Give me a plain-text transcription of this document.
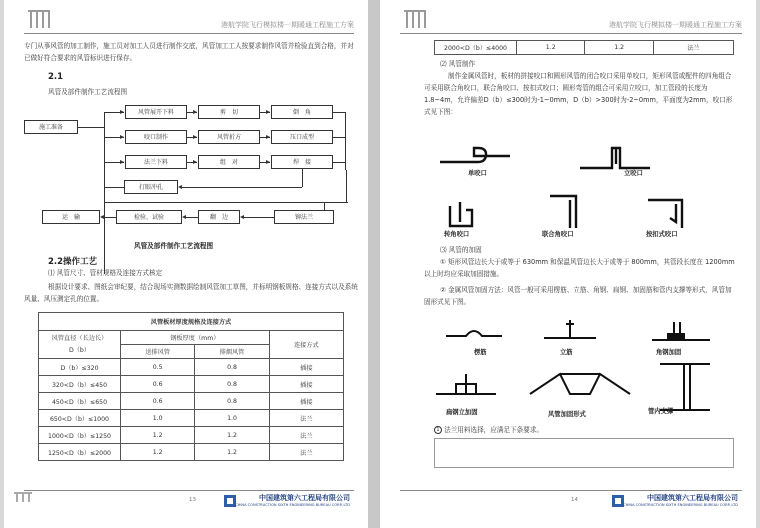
港航学院飞行模拟楼一期暖通工程施工方案
专门从事风管的加工制作，施工员对加工人员进行制作交底，风管加工工人按要求制作风管并检验直到合格，并对已做好符合要求的风管标识进行保存。
2.1
风管及部件制作工艺流程图
施工准备
风管展开下料	剪　切	倒　角
咬口制作	风管折方	压口成型
法兰下料	组　对	焊　接
打眼冲孔
铆法兰
翻　边
检验、试验
运　输
风管及部件制作工艺流程图
2.2操作工艺
⑴ 风管尺寸、管材规格及连接方式核定
根据设计要求、图纸会审纪要，结合现场实测数据绘制风管加工草图，并标明钢板规格、连接方式以及系统风量、风压测定孔的位置。
风管板材厚度规格及连接方式			
风管直径（长边长）
D（b）	钢板厚度（mm）		连接方式
	送排风管	排烟风管	
D（b）≤320	0.5	0.8	插接
320<D（b）≤450	0.6	0.8	插接
450<D（b）≤650	0.6	0.8	插接
650<D（b）≤1000	1.0	1.0	法兰
1000<D（b）≤1250	1.2	1.2	法兰
1250<D（b）≤2000	1.2	1.2	法兰
13	中国建筑第六工程局有限公司
CHINA CONSTRUCTION SIXTH ENGINEERING BUREAU CORP.,LTD
港航学院飞行模拟楼一期暖通工程施工方案
2000<D（b）≤4000	1.2	1.2	法兰
⑵ 风管制作
制作金属风管时，板材的拼接咬口和圆形风管的闭合咬口采用单咬口，矩形风管或配件的四角组合可采用联合角咬口，联合角咬口、按扣式咬口；圆形弯管的组合可采用立咬口，加工管段的长度为1.8~4m，允许偏差D（b）≤300时为-1~0mm，D（b）>300时为-2~0mm，平面度为2mm，咬口形式见下图：
单咬口	立咬口
转角咬口	联合角咬口	按扣式咬口
⑶ 风管的加固
① 矩形风管边长大于或等于 630mm 和保温风管边长大于或等于 800mm，其管段长度在 1200mm 以上时均应采取加固措施。
② 金属风管加固方法：风管一般可采用楞筋、立筋、角钢、扁钢、加固筋和管内支撑等形式，风管加固形式见下图。
楞筋	立筋	角钢加固
扁钢立加固	风管加固形式	管内支撑
1 法兰用料选择，应满足下条要求。
14	中国建筑第六工程局有限公司
CHINA CONSTRUCTION SIXTH ENGINEERING BUREAU CORP.,LTD
